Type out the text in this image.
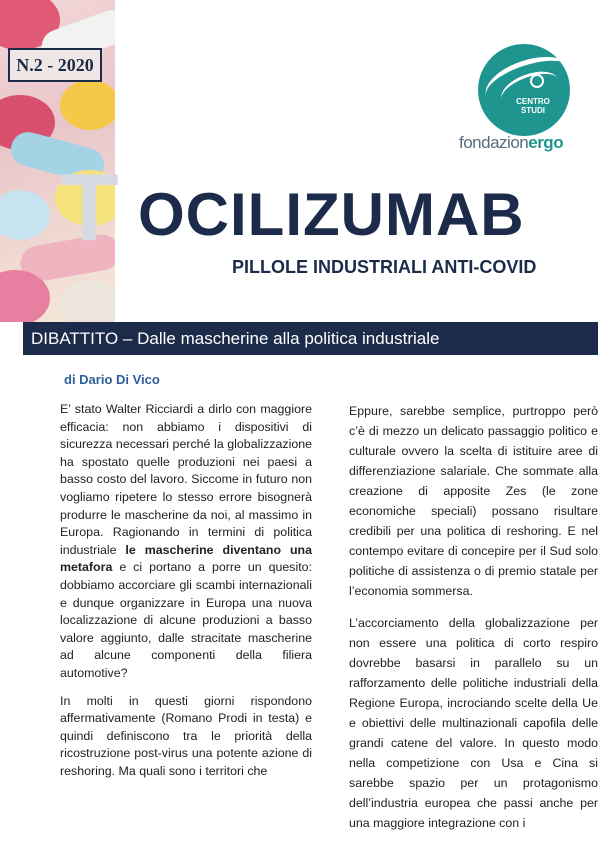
N.2 - 2020
CENTRO
STUDI
fondazionergo
T OCILIZUMAB
PILLOLE INDUSTRIALI ANTI-COVID
DIBATTITO – Dalle mascherine alla politica industriale
di Dario Di Vico

E’ stato Walter Ricciardi a dirlo con maggiore efficacia: non abbiamo i dispositivi di sicurezza necessari perché la globalizzazione ha spostato quelle produzioni nei paesi a basso costo del lavoro. Siccome in futuro non vogliamo ripetere lo stesso errore bisognerà produrre le mascherine da noi, al massimo in Europa. Ragionando in termini di politica industriale le mascherine diventano una metafora e ci portano a porre un quesito: dobbiamo accorciare gli scambi internazionali e dunque organizzare in Europa una nuova localizzazione di alcune produzioni a basso valore aggiunto, dalle stracitate mascherine ad alcune componenti della filiera automotive?

In molti in questi giorni rispondono affermativamente (Romano Prodi in testa) e quindi definiscono tra le priorità della ricostruzione post-virus una potente azione di reshoring. Ma quali sono i territori che

Eppure, sarebbe semplice, purtroppo però c’è di mezzo un delicato passaggio politico e culturale ovvero la scelta di istituire aree di differenziazione salariale. Che sommate alla creazione di apposite Zes (le zone economiche speciali) possano risultare credibili per una politica di reshoring. E nel contempo evitare di concepire per il Sud solo politiche di assistenza o di premio statale per l’economia sommersa.

L’accorciamento della globalizzazione per non essere una politica di corto respiro dovrebbe basarsi in parallelo su un rafforzamento delle politiche industriali della Regione Europa, incrociando scelte della Ue e obiettivi delle multinazionali capofila delle grandi catene del valore. In questo modo nella competizione con Usa e Cina si sarebbe spazio per un protagonismo dell’industria europea che passi anche per una maggiore integrazione con i
